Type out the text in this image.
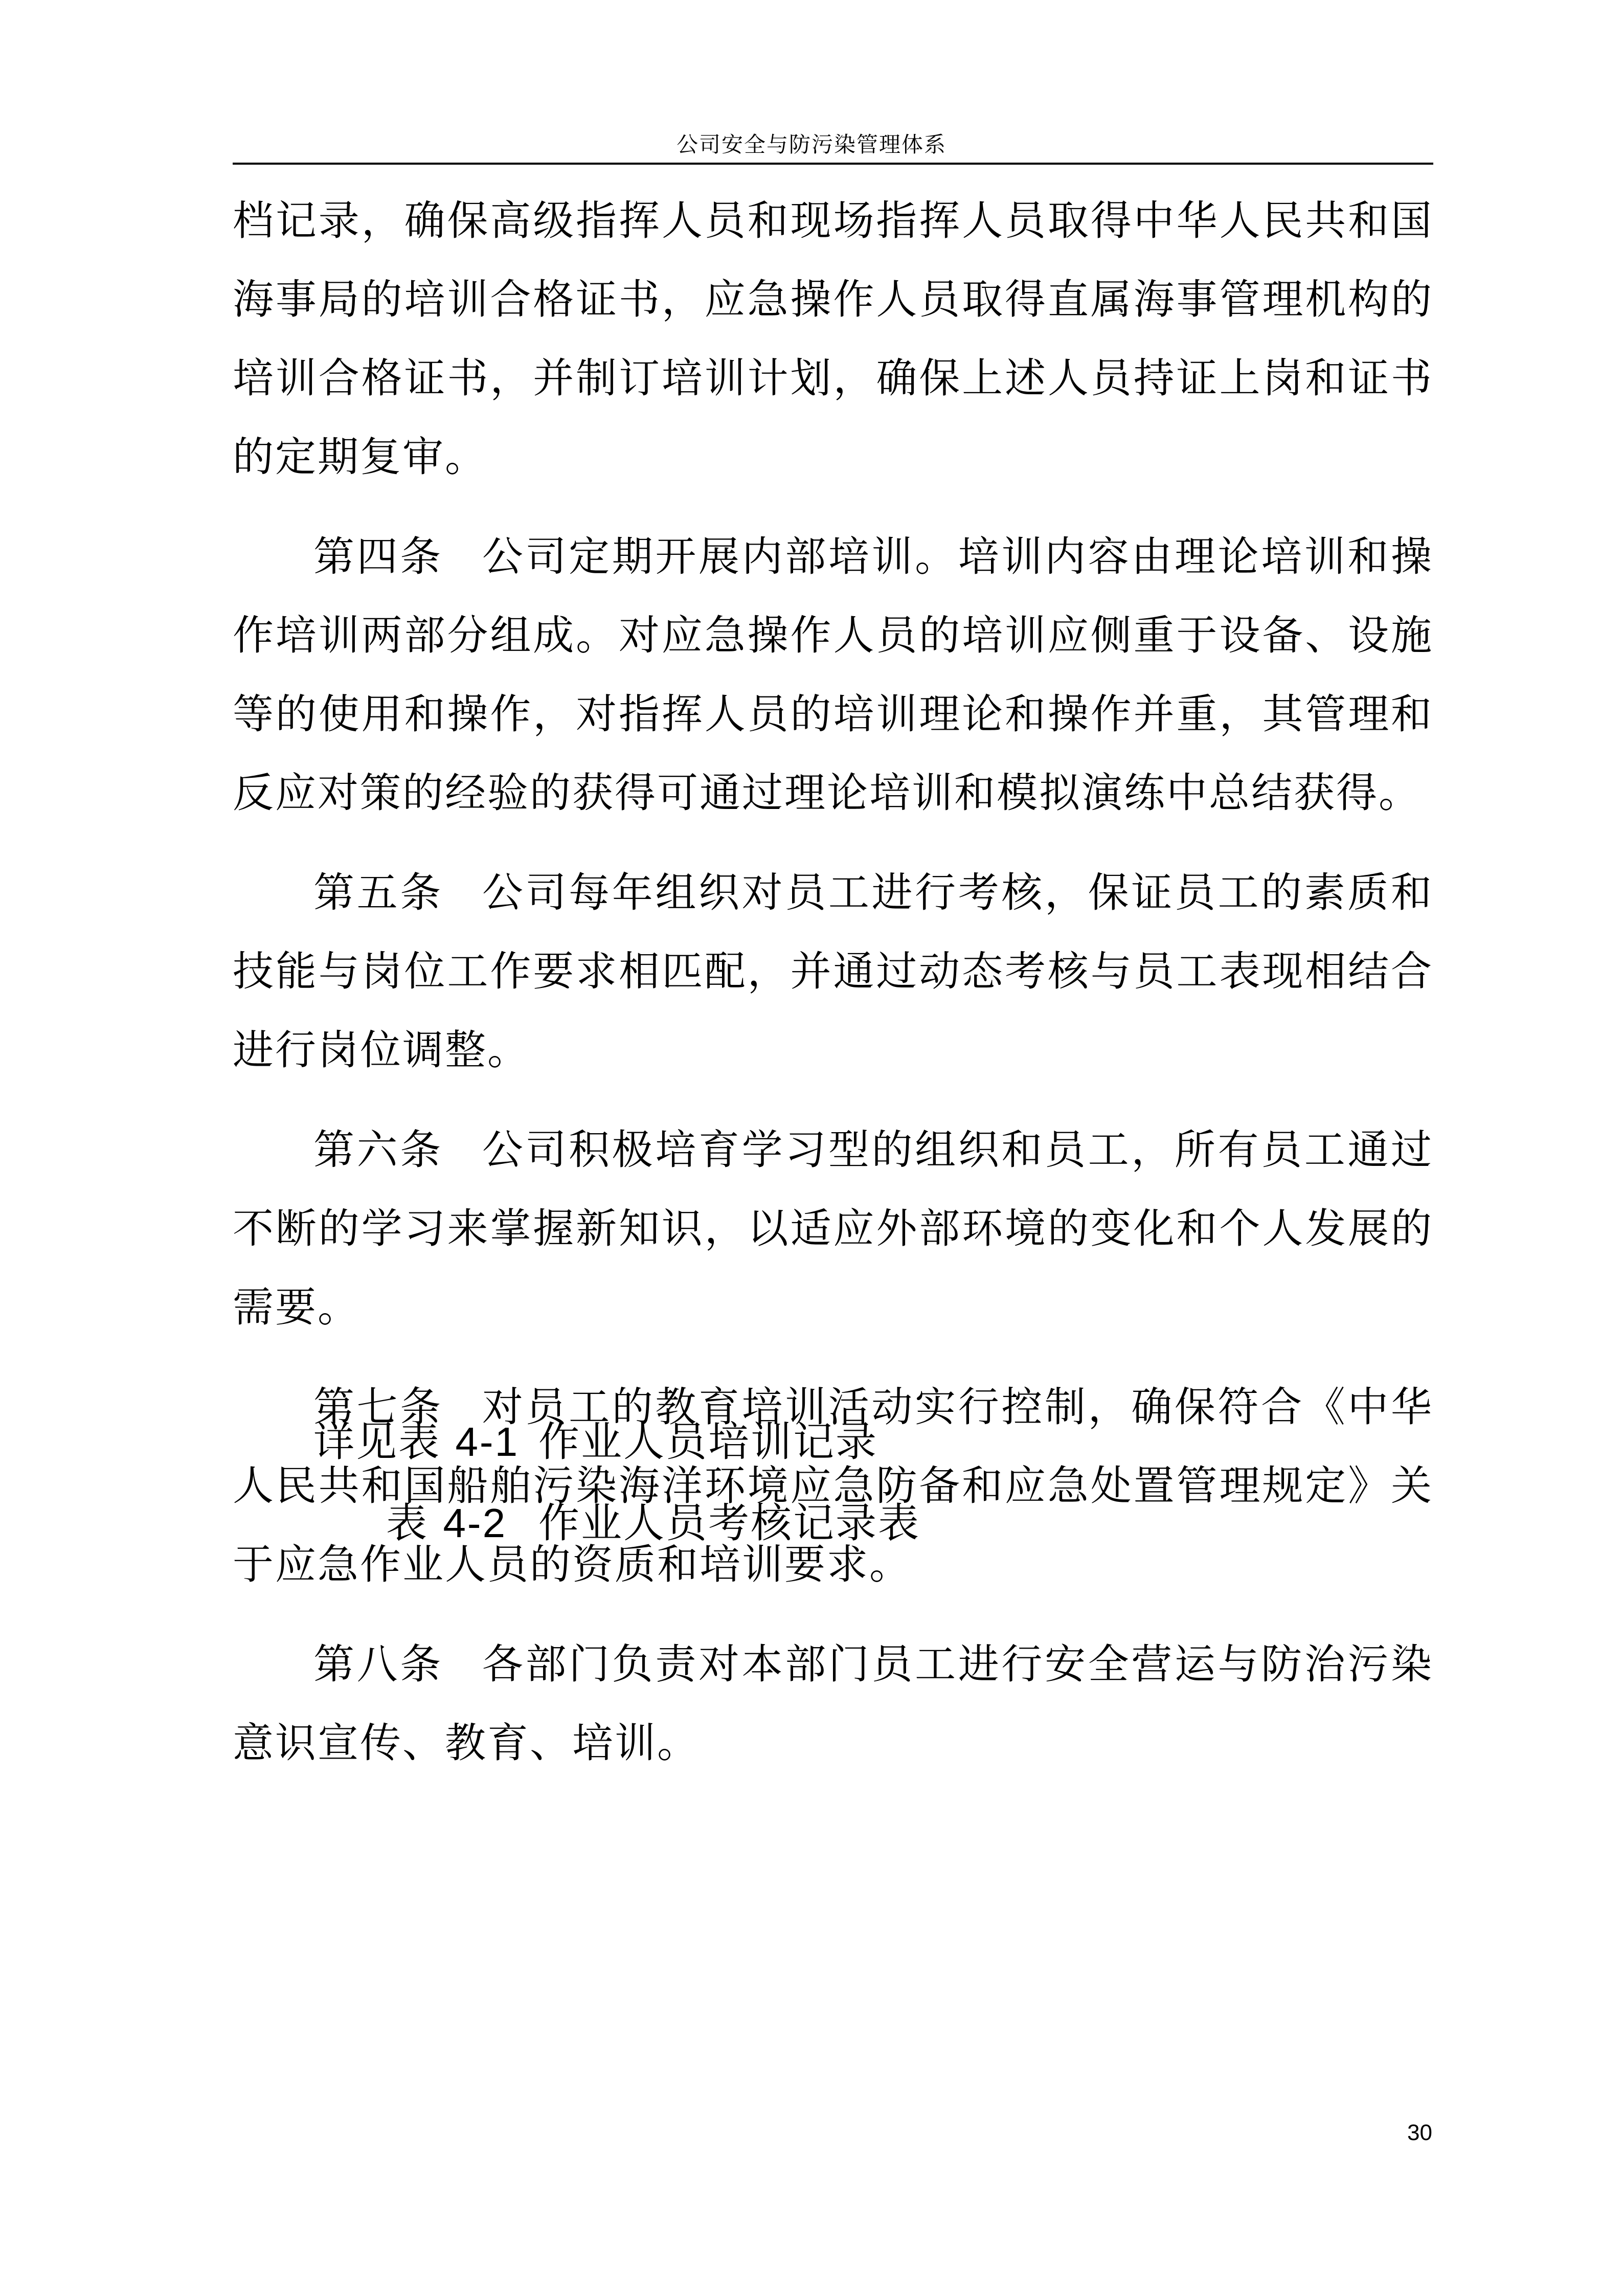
公司安全与防污染管理体系

档记录，确保高级指挥人员和现场指挥人员取得中华人民共和国海事局的培训合格证书，应急操作人员取得直属海事管理机构的培训合格证书，并制订培训计划，确保上述人员持证上岗和证书的定期复审。

第四条 公司定期开展内部培训。培训内容由理论培训和操作培训两部分组成。对应急操作人员的培训应侧重于设备、设施等的使用和操作，对指挥人员的培训理论和操作并重，其管理和反应对策的经验的获得可通过理论培训和模拟演练中总结获得。

第五条 公司每年组织对员工进行考核，保证员工的素质和技能与岗位工作要求相匹配，并通过动态考核与员工表现相结合进行岗位调整。

第六条 公司积极培育学习型的组织和员工，所有员工通过不断的学习来掌握新知识，以适应外部环境的变化和个人发展的需要。

第七条 对员工的教育培训活动实行控制，确保符合《中华人民共和国船舶污染海洋环境应急防备和应急处置管理规定》关于应急作业人员的资质和培训要求。

第八条 各部门负责对本部门员工进行安全营运与防治污染意识宣传、教育、培训。

详见表 4-1 作业人员培训记录
表 4-2 作业人员考核记录表
30
